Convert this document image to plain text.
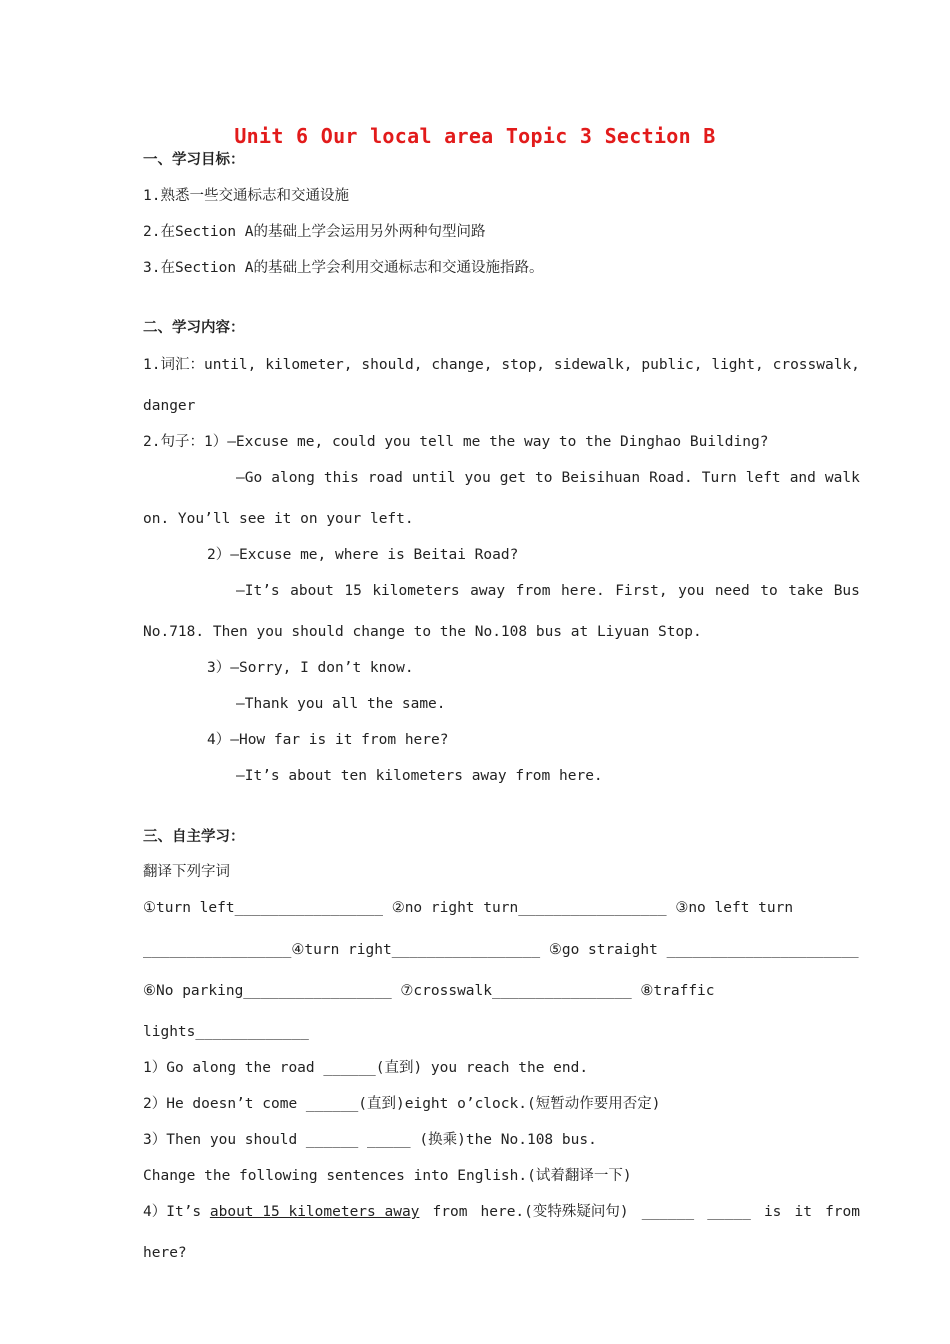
Unit 6 Our local area Topic 3 Section B
一、学习目标：
1.熟悉一些交通标志和交通设施
2.在Section A的基础上学会运用另外两种句型问路
3.在Section A的基础上学会利用交通标志和交通设施指路。
二、学习内容：
1.词汇：until, kilometer, should, change, stop, sidewalk, public, light, crosswalk,
danger
2.句子：1）—Excuse me, could you tell me the way to the Dinghao Building?
—Go along this road until you get to Beisihuan Road. Turn left and walk
on. You’ll see it on your left.
2）—Excuse me, where is Beitai Road?
—It’s about 15 kilometers away from here. First, you need to take Bus
No.718. Then you should change to the No.108 bus at Liyuan Stop.
3）—Sorry, I don’t know.
—Thank you all the same.
4）—How far is it from here?
—It’s about ten kilometers away from here.
三、自主学习：
翻译下列字词
①turn left_________________ ②no right turn_________________ ③no left turn
_________________④turn right_________________ ⑤go straight ______________________
⑥No parking_________________ ⑦crosswalk________________ ⑧traffic
lights_____________
1）Go along the road ______(直到) you reach the end.
2）He doesn’t come ______(直到)eight o’clock.(短暂动作要用否定)
3）Then you should ______ _____ (换乘)the No.108 bus.
Change the following sentences into English.(试着翻译一下)
4）It’s about 15 kilometers away from here.(变特殊疑问句) ______ _____ is it from
here?
